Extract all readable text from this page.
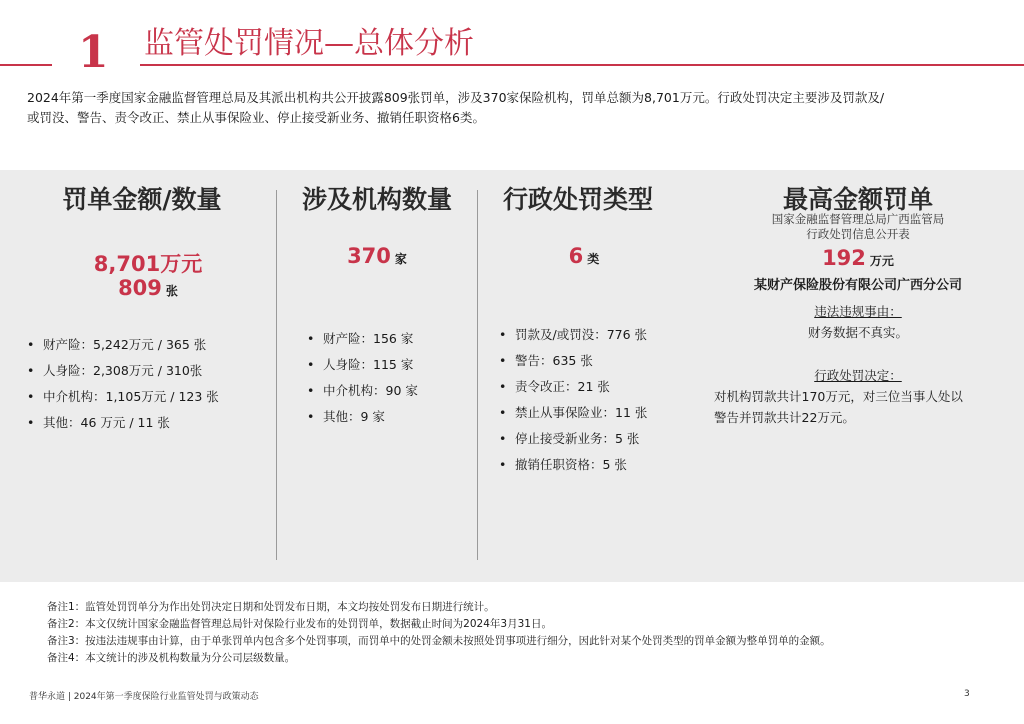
1 监管处罚情况—总体分析
2024年第一季度国家金融监督管理总局及其派出机构共公开披露809张罚单，涉及370家保险机构，罚单总额为8,701万元。行政处罚决定主要涉及罚款及/
或罚没、警告、责令改正、禁止从事保险业、停止接受新业务、撤销任职资格6类。
罚单金额/数量
8,701万元
809 张
• 财产险：5,242万元 / 365 张
• 人身险：2,308万元 / 310张
• 中介机构：1,105万元 / 123 张
• 其他：46 万元 / 11 张
涉及机构数量
370 家
• 财产险：156 家
• 人身险：115 家
• 中介机构：90 家
• 其他：9 家
行政处罚类型
6 类
• 罚款及/或罚没：776 张
• 警告：635 张
• 责令改正：21 张
• 禁止从事保险业：11 张
• 停止接受新业务：5 张
• 撤销任职资格：5 张
最高金额罚单
国家金融监督管理总局广西监管局
行政处罚信息公开表
192 万元
某财产保险股份有限公司广西分公司
违法违规事由：
财务数据不真实。
行政处罚决定：
对机构罚款共计170万元，对三位当事人处以
警告并罚款共计22万元。
备注1：监管处罚罚单分为作出处罚决定日期和处罚发布日期，本文均按处罚发布日期进行统计。
备注2：本文仅统计国家金融监督管理总局针对保险行业发布的处罚罚单，数据截止时间为2024年3月31日。
备注3：按违法违规事由计算，由于单张罚单内包含多个处罚事项，而罚单中的处罚金额未按照处罚事项进行细分，因此针对某个处罚类型的罚单金额为整单罚单的金额。
备注4：本文统计的涉及机构数量为分公司层级数量。
普华永道 | 2024年第一季度保险行业监管处罚与政策动态	3
